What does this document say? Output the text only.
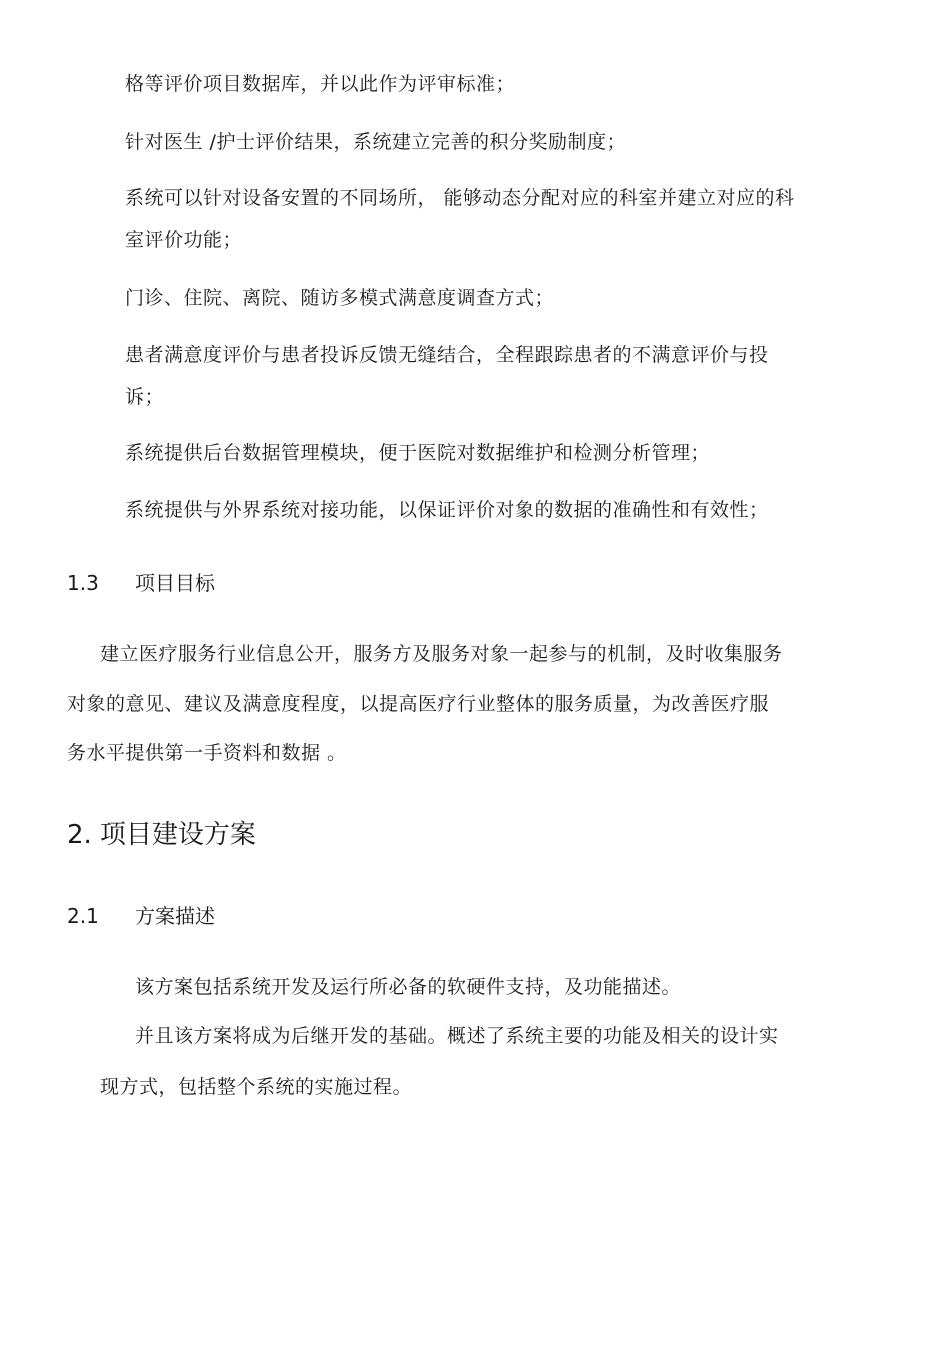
格等评价项目数据库，并以此作为评审标准；
针对医生 /护士评价结果，系统建立完善的积分奖励制度；
系统可以针对设备安置的不同场所， 能够动态分配对应的科室并建立对应的科
室评价功能；
门诊、住院、离院、随访多模式满意度调查方式；
患者满意度评价与患者投诉反馈无缝结合，全程跟踪患者的不满意评价与投
诉；
系统提供后台数据管理模块，便于医院对数据维护和检测分析管理；
系统提供与外界系统对接功能，以保证评价对象的数据的准确性和有效性；
1.3 项目目标
建立医疗服务行业信息公开，服务方及服务对象一起参与的机制，及时收集服务
对象的意见、建议及满意度程度，以提高医疗行业整体的服务质量，为改善医疗服
务水平提供第一手资料和数据 。
2. 项目建设方案
2.1 方案描述
该方案包括系统开发及运行所必备的软硬件支持，及功能描述。
并且该方案将成为后继开发的基础。概述了系统主要的功能及相关的设计实
现方式，包括整个系统的实施过程。
